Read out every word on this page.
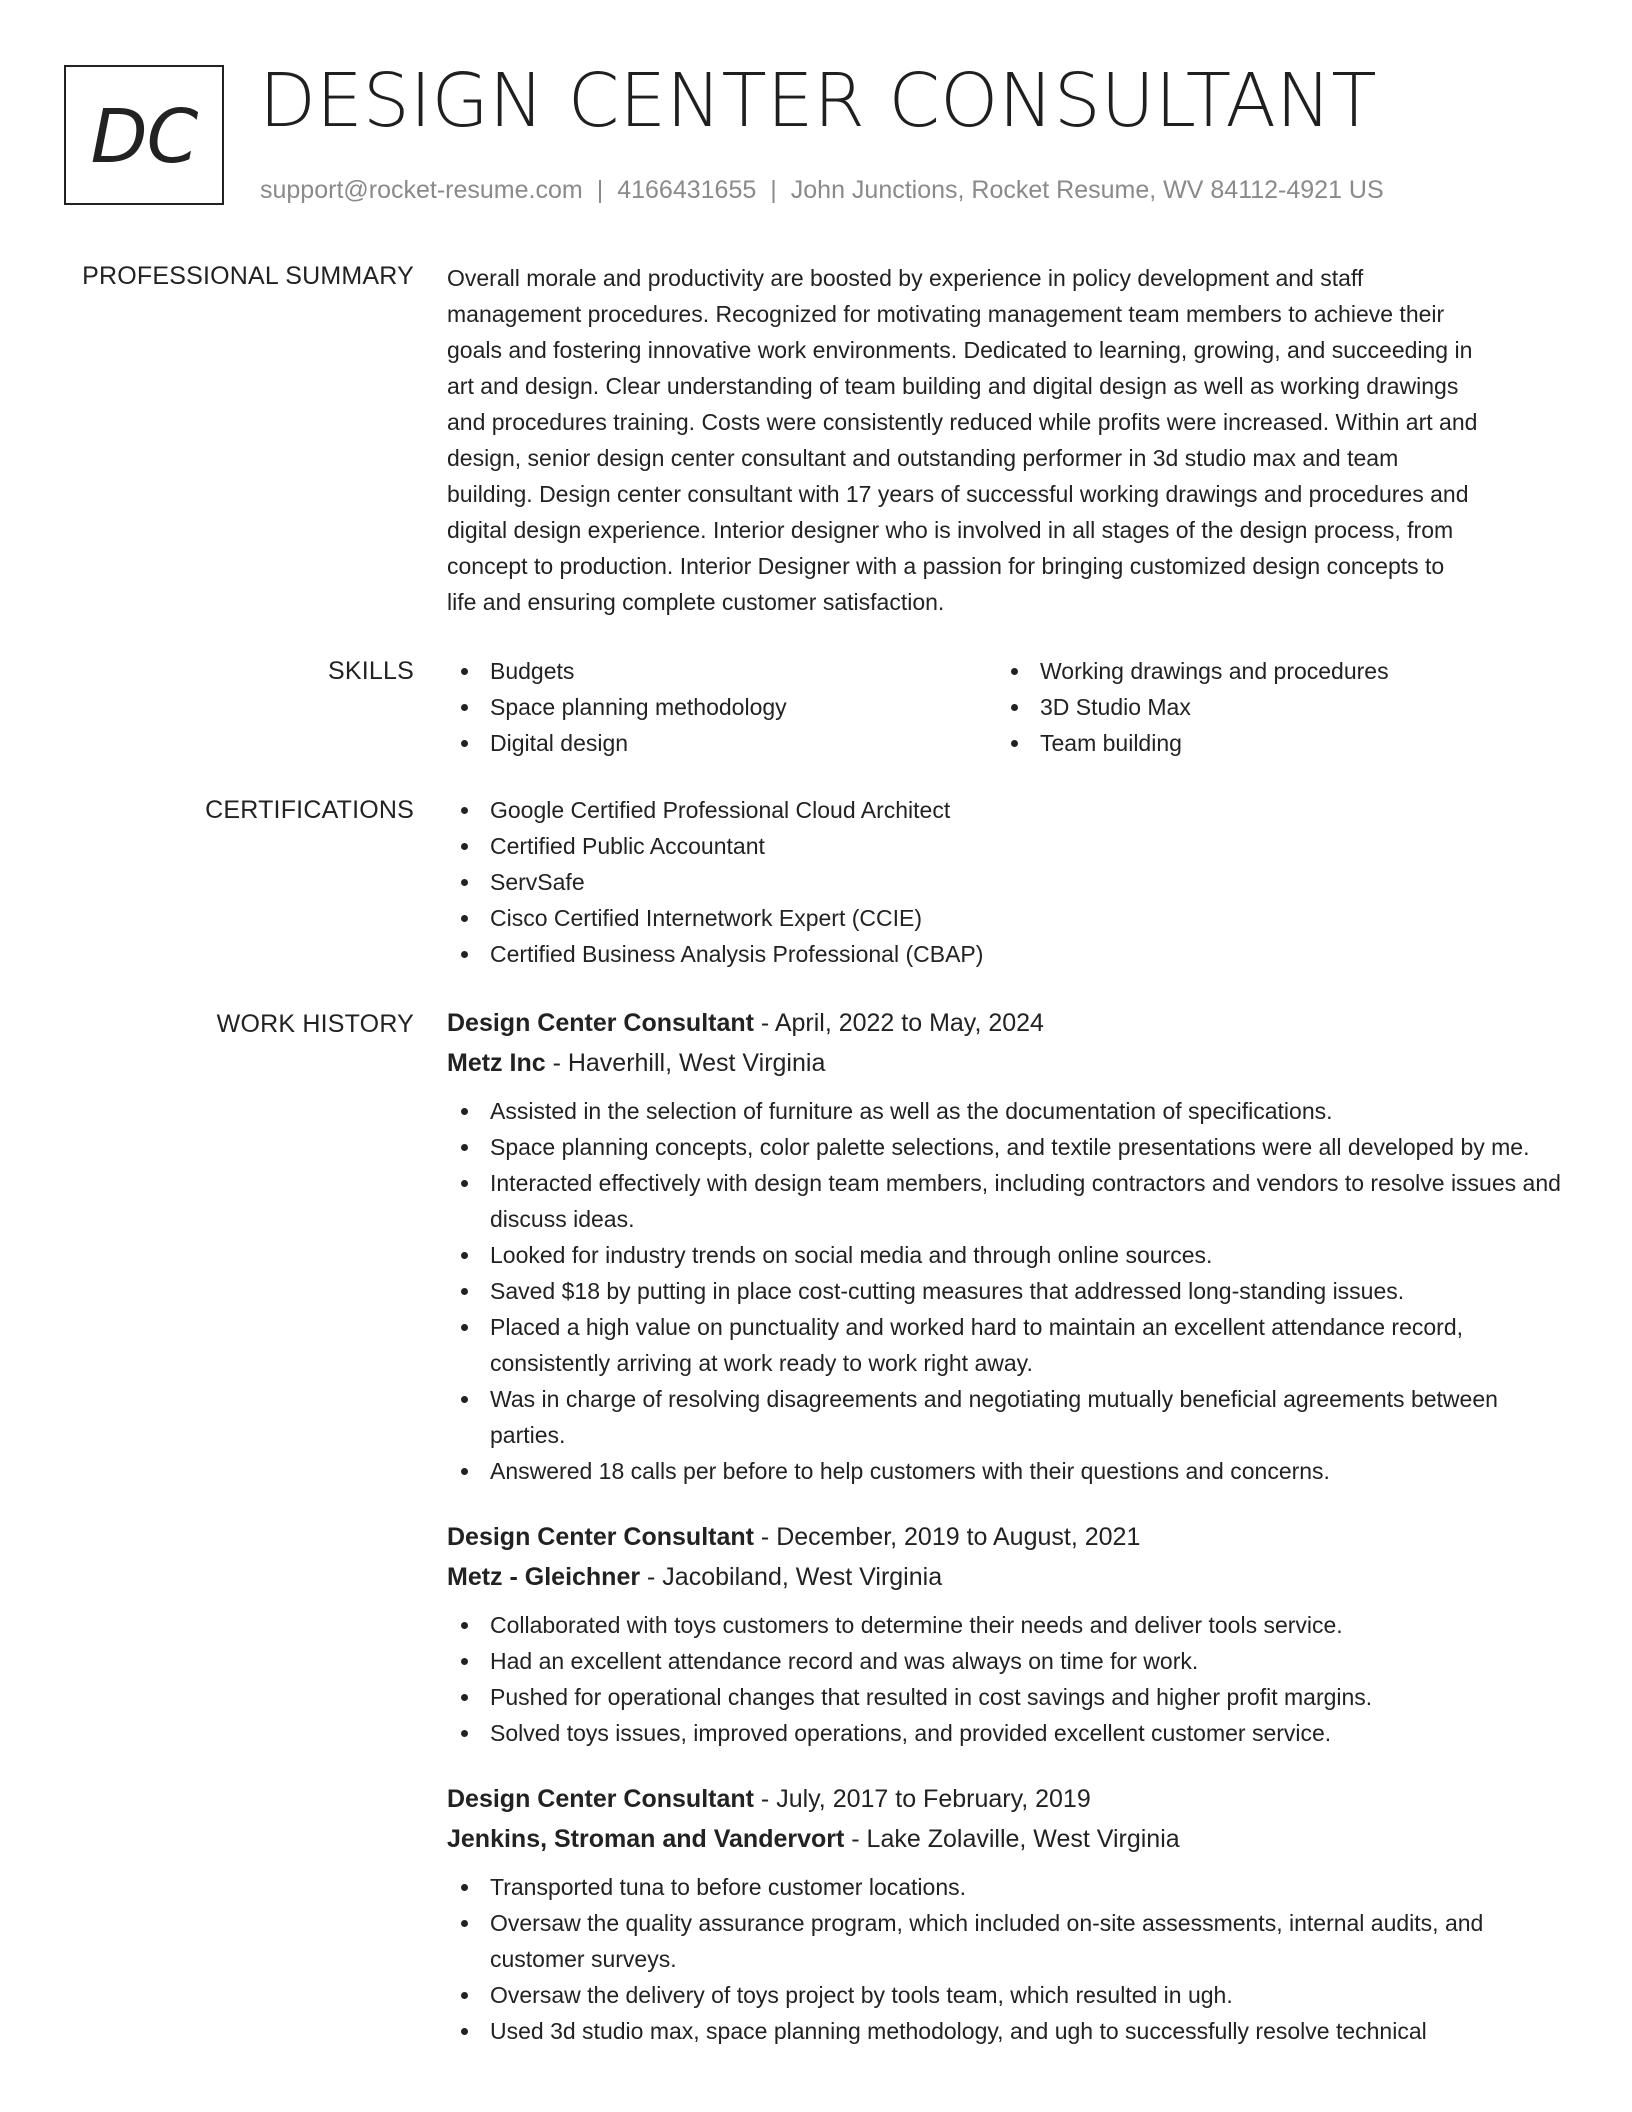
DC DESIGN CENTER CONSULTANT
support@rocket-resume.com | 4166431655 | John Junctions, Rocket Resume, WV 84112-4921 US
PROFESSIONAL SUMMARY Overall morale and productivity are boosted by experience in policy development and staff
management procedures. Recognized for motivating management team members to achieve their
goals and fostering innovative work environments. Dedicated to learning, growing, and succeeding in
art and design. Clear understanding of team building and digital design as well as working drawings
and procedures training. Costs were consistently reduced while profits were increased. Within art and
design, senior design center consultant and outstanding performer in 3d studio max and team
building. Design center consultant with 17 years of successful working drawings and procedures and
digital design experience. Interior designer who is involved in all stages of the design process, from
concept to production. Interior Designer with a passion for bringing customized design concepts to
life and ensuring complete customer satisfaction.
SKILLS	Budgets	Working drawings and procedures
Space planning methodology	3D Studio Max
Digital design	Team building
CERTIFICATIONS	Google Certified Professional Cloud Architect
Certified Public Accountant
ServSafe
Cisco Certified Internetwork Expert (CCIE)
Certified Business Analysis Professional (CBAP)
WORK HISTORY Design Center Consultant - April, 2022 to May, 2024
Metz Inc - Haverhill, West Virginia
Assisted in the selection of furniture as well as the documentation of specifications.
Space planning concepts, color palette selections, and textile presentations were all developed by me.
Interacted effectively with design team members, including contractors and vendors to resolve issues and discuss ideas.
Looked for industry trends on social media and through online sources.
Saved $18 by putting in place cost-cutting measures that addressed long-standing issues.
Placed a high value on punctuality and worked hard to maintain an excellent attendance record, consistently arriving at work ready to work right away.
Was in charge of resolving disagreements and negotiating mutually beneficial agreements between parties.
Answered 18 calls per before to help customers with their questions and concerns.
Design Center Consultant - December, 2019 to August, 2021
Metz - Gleichner - Jacobiland, West Virginia
Collaborated with toys customers to determine their needs and deliver tools service.
Had an excellent attendance record and was always on time for work.
Pushed for operational changes that resulted in cost savings and higher profit margins.
Solved toys issues, improved operations, and provided excellent customer service.
Design Center Consultant - July, 2017 to February, 2019
Jenkins, Stroman and Vandervort - Lake Zolaville, West Virginia
Transported tuna to before customer locations.
Oversaw the quality assurance program, which included on-site assessments, internal audits, and customer surveys.
Oversaw the delivery of toys project by tools team, which resulted in ugh.
Used 3d studio max, space planning methodology, and ugh to successfully resolve technical
